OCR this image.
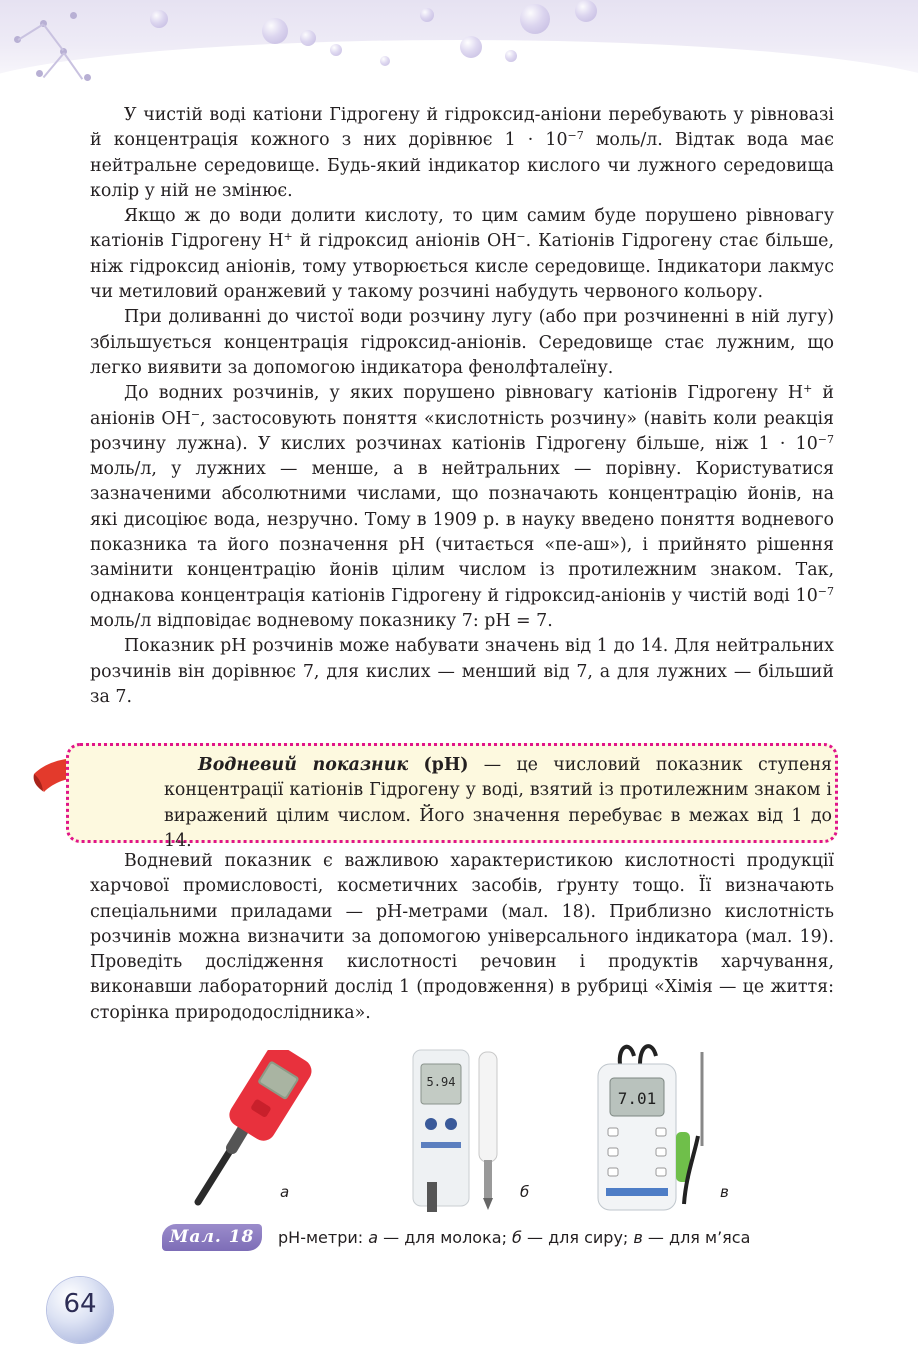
У чистій воді катіони Гідрогену й гідроксид-аніони перебувають у рівновазі й концентрація кожного з них дорівнює $1 \cdot 10^{-7}$ моль/л. Відтак вода має нейтральне середовище. Будь-який індикатор кислого чи лужного середовища колір у ній не змінює.

Якщо ж до води долити кислоту, то цим самим буде порушено рівновагу катіонів Гідрогену H+ й гідроксид аніонів OH−. Катіонів Гідрогену стає більше, ніж гідроксид аніонів, тому утворюється кисле середовище. Індикатори лакмус чи метиловий оранжевий у такому розчині набудуть червоного кольору.

При доливанні до чистої води розчину лугу (або при розчиненні в ній лугу) збільшується концентрація гідроксид-аніонів. Середовище стає лужним, що легко виявити за допомогою індикатора фенолфталеїну.

До водних розчинів, у яких порушено рівновагу катіонів Гідрогену H+ й аніонів OH−, застосовують поняття «кислотність розчину» (навіть коли реакція розчину лужна). У кислих розчинах катіонів Гідрогену більше, ніж $1 \cdot 10^{-7}$ моль/л, у лужних — менше, а в нейтральних — порівну. Користуватися зазначеними абсолютними числами, що позначають концентрацію йонів, на які дисоціює вода, незручно. Тому в 1909 р. в науку введено поняття водневого показника та його позначення pH (читається «пе-аш»), і прийнято рішення замінити концентрацію йонів цілим числом із протилежним знаком. Так, однакова концентрація катіонів Гідрогену й гідроксид-аніонів у чистій воді $10^{-7}$ моль/л відповідає водневому показнику 7: pH = 7.

Показник pH розчинів може набувати значень від 1 до 14. Для нейтральних розчинів він дорівнює 7, для кислих — менший від 7, а для лужних — більший за 7.

Водневий показник (pH) — це числовий показник ступеня концентрації катіонів Гідрогену у воді, взятий із протилежним знаком і виражений цілим числом. Його значення перебуває в межах від 1 до 14.

Водневий показник є важливою характеристикою кислотності продукції харчової промисловості, косметичних засобів, ґрунту тощо. Її визначають спеціальними приладами — pH-метрами (мал. 18). Приблизно кислотність розчинів можна визначити за допомогою універсального індикатора (мал. 19). Проведіть дослідження кислотності речовин і продуктів харчування, виконавши лабораторний дослід 1 (продовження) в рубриці «Хімія — це життя: сторінка природодослідника».

а
5.94
б
7.01
в
Мал. 18	pH-метри: а — для молока; б — для сиру; в — для м’яса
64
